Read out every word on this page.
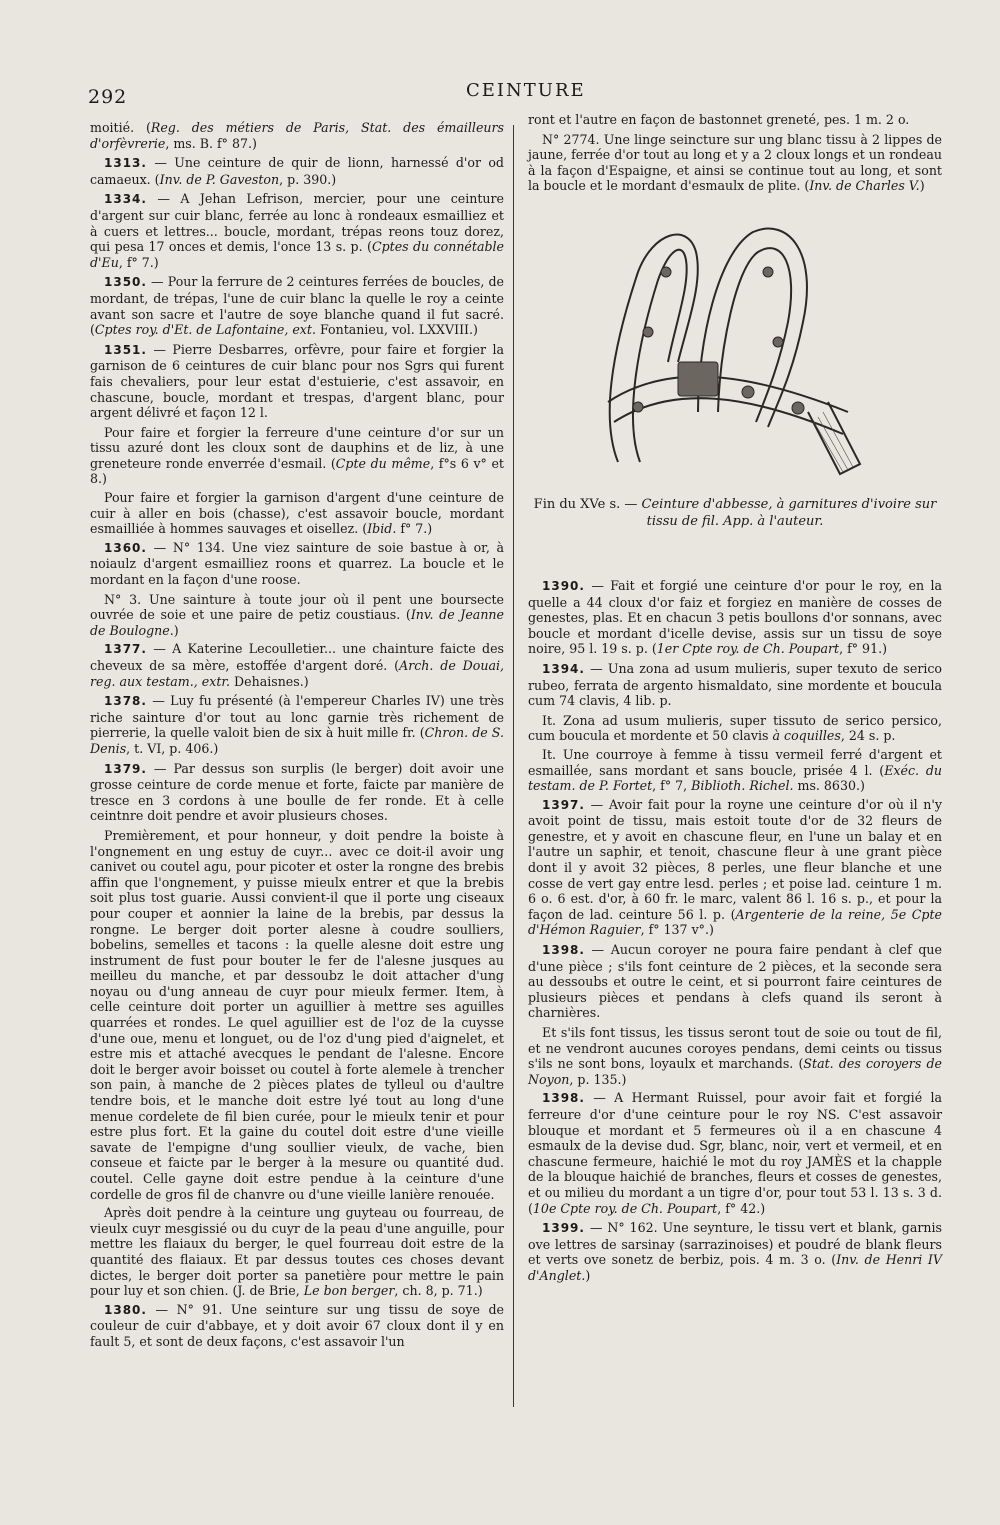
292	CEINTURE

moitié. (Reg. des métiers de Paris, Stat. des émailleurs d'orfèvrerie, ms. B. f° 87.)

1313. — Une ceinture de quir de lionn, harnessé d'or od camaeux. (Inv. de P. Gaveston, p. 390.)

1334. — A Jehan Lefrison, mercier, pour une ceinture d'argent sur cuir blanc, ferrée au lonc à rondeaux esmailliez et à cuers et lettres... boucle, mordant, trépas reons touz dorez, qui pesa 17 onces et demis, l'once 13 s. p. (Cptes du connétable d'Eu, f° 7.)

1350. — Pour la ferrure de 2 ceintures ferrées de boucles, de mordant, de trépas, l'une de cuir blanc la quelle le roy a ceinte avant son sacre et l'autre de soye blanche quand il fut sacré. (Cptes roy. d'Et. de Lafontaine, ext. Fontanieu, vol. LXXVIII.)

1351. — Pierre Desbarres, orfèvre, pour faire et forgier la garnison de 6 ceintures de cuir blanc pour nos Sgrs qui furent fais chevaliers, pour leur estat d'estuierie, c'est assavoir, en chascune, boucle, mordant et trespas, d'argent blanc, pour argent délivré et façon 12 l.

Pour faire et forgier la ferreure d'une ceinture d'or sur un tissu azuré dont les cloux sont de dauphins et de liz, à une greneteure ronde enverrée d'esmail. (Cpte du même, f°s 6 v° et 8.)

Pour faire et forgier la garnison d'argent d'une ceinture de cuir à aller en bois (chasse), c'est assavoir boucle, mordant esmailliée à hommes sauvages et oisellez. (Ibid. f° 7.)

1360. — N° 134. Une viez sainture de soie bastue à or, à noiaulz d'argent esmailliez roons et quarrez. La boucle et le mordant en la façon d'une roose.

N° 3. Une sainture à toute jour où il pent une boursecte ouvrée de soie et une paire de petiz coustiaus. (Inv. de Jeanne de Boulogne.)

1377. — A Katerine Lecoulletier... une chainture faicte des cheveux de sa mère, estoffée d'argent doré. (Arch. de Douai, reg. aux testam., extr. Dehaisnes.)

1378. — Luy fu présenté (à l'empereur Charles IV) une très riche sainture d'or tout au lonc garnie très richement de pierrerie, la quelle valoit bien de six à huit mille fr. (Chron. de S. Denis, t. VI, p. 406.)

1379. — Par dessus son surplis (le berger) doit avoir une grosse ceinture de corde menue et forte, faicte par manière de tresce en 3 cordons à une boulle de fer ronde. Et à celle ceintnre doit pendre et avoir plusieurs choses.

Premièrement, et pour honneur, y doit pendre la boiste à l'ongnement en ung estuy de cuyr... avec ce doit-il avoir ung canivet ou coutel agu, pour picoter et oster la rongne des brebis affin que l'ongnement, y puisse mieulx entrer et que la brebis soit plus tost guarie. Aussi convient-il que il porte ung ciseaux pour couper et aonnier la laine de la brebis, par dessus la rongne. Le berger doit porter alesne à coudre soulliers, bobelins, semelles et tacons : la quelle alesne doit estre ung instrument de fust pour bouter le fer de l'alesne jusques au meilleu du manche, et par dessoubz le doit attacher d'ung noyau ou d'ung anneau de cuyr pour mieulx fermer. Item, à celle ceinture doit porter un aguillier à mettre ses aguilles quarrées et rondes. Le quel aguillier est de l'oz de la cuysse d'une oue, menu et longuet, ou de l'oz d'ung pied d'aignelet, et estre mis et attaché avecques le pendant de l'alesne. Encore doit le berger avoir boisset ou coutel à forte alemele à trencher son pain, à manche de 2 pièces plates de tylleul ou d'aultre tendre bois, et le manche doit estre lyé tout au long d'une menue cordelete de fil bien curée, pour le mieulx tenir et pour estre plus fort. Et la gaine du coutel doit estre d'une vieille savate de l'empigne d'ung soullier vieulx, de vache, bien conseue et faicte par le berger à la mesure ou quantité dud. coutel. Celle gayne doit estre pendue à la ceinture d'une cordelle de gros fil de chanvre ou d'une vieille lanière renouée.

Après doit pendre à la ceinture ung guyteau ou fourreau, de vieulx cuyr mesgissié ou du cuyr de la peau d'une anguille, pour mettre les flaiaux du berger, le quel fourreau doit estre de la quantité des flaiaux. Et par dessus toutes ces choses devant dictes, le berger doit porter sa panetière pour mettre le pain pour luy et son chien. (J. de Brie, Le bon berger, ch. 8, p. 71.)

1380. — N° 91. Une seinture sur ung tissu de soye de couleur de cuir d'abbaye, et y doit avoir 67 cloux dont il y en fault 5, et sont de deux façons, c'est assavoir l'un

ront et l'autre en façon de bastonnet greneté, pes. 1 m. 2 o.

N° 2774. Une linge seincture sur ung blanc tissu à 2 lippes de jaune, ferrée d'or tout au long et y a 2 cloux longs et un rondeau à la façon d'Espaigne, et ainsi se continue tout au long, et sont la boucle et le mordant d'esmaulx de plite. (Inv. de Charles V.)

Fin du XVe s. — Ceinture d'abbesse, à garnitures d'ivoire sur tissu de fil. App. à l'auteur.

1390. — Fait et forgié une ceinture d'or pour le roy, en la quelle a 44 cloux d'or faiz et forgiez en manière de cosses de genestes, plas. Et en chacun 3 petis boullons d'or sonnans, avec boucle et mordant d'icelle devise, assis sur un tissu de soye noire, 95 l. 19 s. p. (1er Cpte roy. de Ch. Poupart, f° 91.)

1394. — Una zona ad usum mulieris, super texuto de serico rubeo, ferrata de argento hismaldato, sine mordente et boucula cum 74 clavis, 4 lib. p.

It. Zona ad usum mulieris, super tissuto de serico persico, cum boucula et mordente et 50 clavis à coquilles, 24 s. p.

It. Une courroye à femme à tissu vermeil ferré d'argent et esmaillée, sans mordant et sans boucle, prisée 4 l. (Exéc. du testam. de P. Fortet, f° 7, Biblioth. Richel. ms. 8630.)

1397. — Avoir fait pour la royne une ceinture d'or où il n'y avoit point de tissu, mais estoit toute d'or de 32 fleurs de genestre, et y avoit en chascune fleur, en l'une un balay et en l'autre un saphir, et tenoit, chascune fleur à une grant pièce dont il y avoit 32 pièces, 8 perles, une fleur blanche et une cosse de vert gay entre lesd. perles ; et poise lad. ceinture 1 m. 6 o. 6 est. d'or, à 60 fr. le marc, valent 86 l. 16 s. p., et pour la façon de lad. ceinture 56 l. p. (Argenterie de la reine, 5e Cpte d'Hémon Raguier, f° 137 v°.)

1398. — Aucun coroyer ne poura faire pendant à clef que d'une pièce ; s'ils font ceinture de 2 pièces, et la seconde sera au dessoubs et outre le ceint, et si pourront faire ceintures de plusieurs pièces et pendans à clefs quand ils seront à charnières.

Et s'ils font tissus, les tissus seront tout de soie ou tout de fil, et ne vendront aucunes coroyes pendans, demi ceints ou tissus s'ils ne sont bons, loyaulx et marchands. (Stat. des coroyers de Noyon, p. 135.)

1398. — A Hermant Ruissel, pour avoir fait et forgié la ferreure d'or d'une ceinture pour le roy NS. C'est assavoir blouque et mordant et 5 fermeures où il a en chascune 4 esmaulx de la devise dud. Sgr, blanc, noir, vert et vermeil, et en chascune fermeure, haichié le mot du roy JAMÈS et la chapple de la blouque haichié de branches, fleurs et cosses de genestes, et ou milieu du mordant a un tigre d'or, pour tout 53 l. 13 s. 3 d. (10e Cpte roy. de Ch. Poupart, f° 42.)

1399. — N° 162. Une seynture, le tissu vert et blank, garnis ove lettres de sarsinay (sarrazinoises) et poudré de blank fleurs et verts ove sonetz de berbiz, pois. 4 m. 3 o. (Inv. de Henri IV d'Anglet.)
